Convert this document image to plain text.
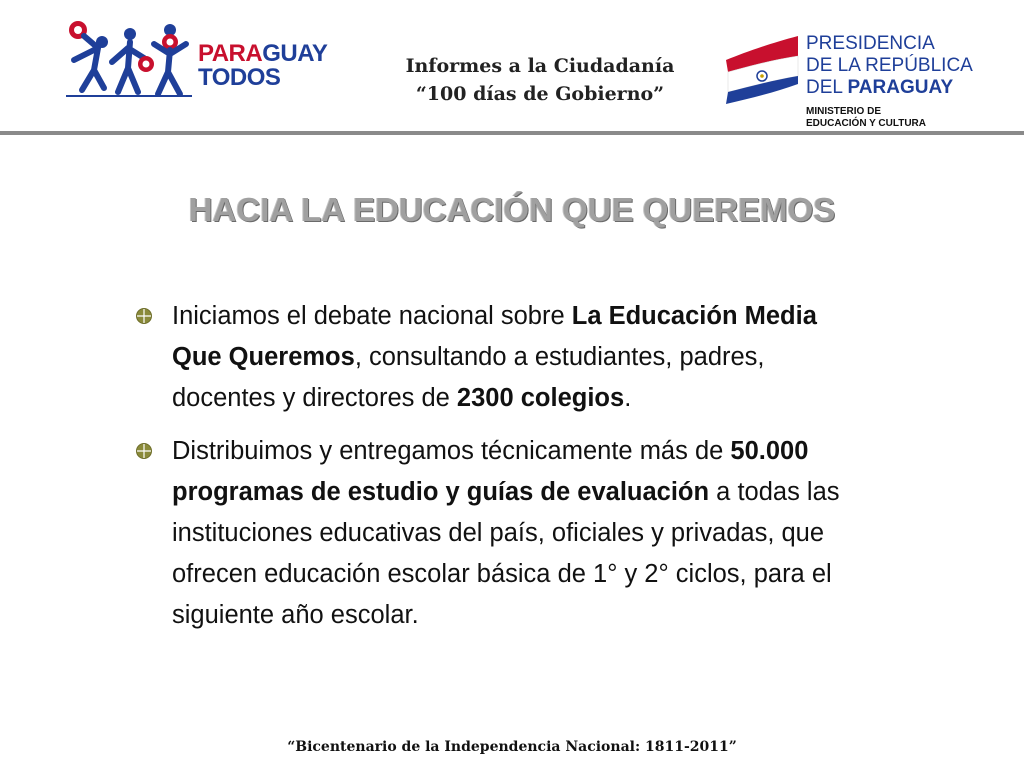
PARAGUAY
TODOS	Informes a la Ciudadanía
“100 días de Gobierno”
PRESIDENCIA
DE LA REPÚBLICA
DEL PARAGUAY
MINISTERIO DE
EDUCACIÓN Y CULTURA
HACIA LA EDUCACIÓN QUE QUEREMOS
Iniciamos el debate nacional sobre La Educación Media Que Queremos, consultando a estudiantes, padres, docentes y directores de 2300 colegios.
Distribuimos y entregamos técnicamente más de 50.000 programas de estudio y guías de evaluación a todas las instituciones educativas del país, oficiales y privadas, que ofrecen educación escolar básica de 1° y 2° ciclos, para el siguiente año escolar.
“Bicentenario de la Independencia Nacional: 1811-2011”
